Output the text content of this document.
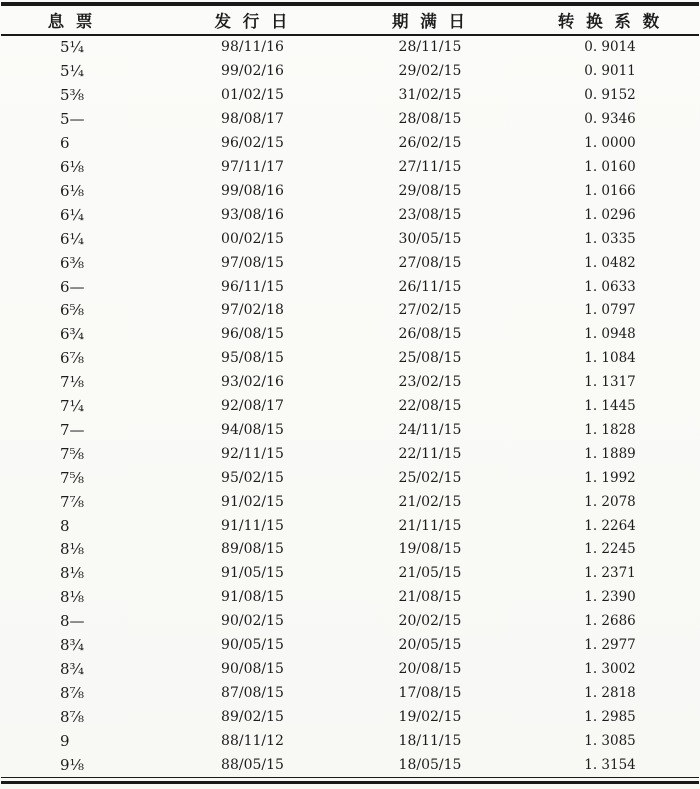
息 票	发 行 日	期 满 日	转 换 系 数
5¼	98/11/16	28/11/15	0. 9014
5¼	99/02/16	29/02/15	0. 9011
5⅜	01/02/15	31/02/15	0. 9152
5—	98/08/17	28/08/15	0. 9346
6	96/02/15	26/02/15	1. 0000
6⅛	97/11/17	27/11/15	1. 0160
6⅛	99/08/16	29/08/15	1. 0166
6¼	93/08/16	23/08/15	1. 0296
6¼	00/02/15	30/05/15	1. 0335
6⅜	97/08/15	27/08/15	1. 0482
6—	96/11/15	26/11/15	1. 0633
6⅝	97/02/18	27/02/15	1. 0797
6¾	96/08/15	26/08/15	1. 0948
6⅞	95/08/15	25/08/15	1. 1084
7⅛	93/02/16	23/02/15	1. 1317
7¼	92/08/17	22/08/15	1. 1445
7—	94/08/15	24/11/15	1. 1828
7⅝	92/11/15	22/11/15	1. 1889
7⅝	95/02/15	25/02/15	1. 1992
7⅞	91/02/15	21/02/15	1. 2078
8	91/11/15	21/11/15	1. 2264
8⅛	89/08/15	19/08/15	1. 2245
8⅛	91/05/15	21/05/15	1. 2371
8⅛	91/08/15	21/08/15	1. 2390
8—	90/02/15	20/02/15	1. 2686
8¾	90/05/15	20/05/15	1. 2977
8¾	90/08/15	20/08/15	1. 3002
8⅞	87/08/15	17/08/15	1. 2818
8⅞	89/02/15	19/02/15	1. 2985
9	88/11/12	18/11/15	1. 3085
9⅛	88/05/15	18/05/15	1. 3154
